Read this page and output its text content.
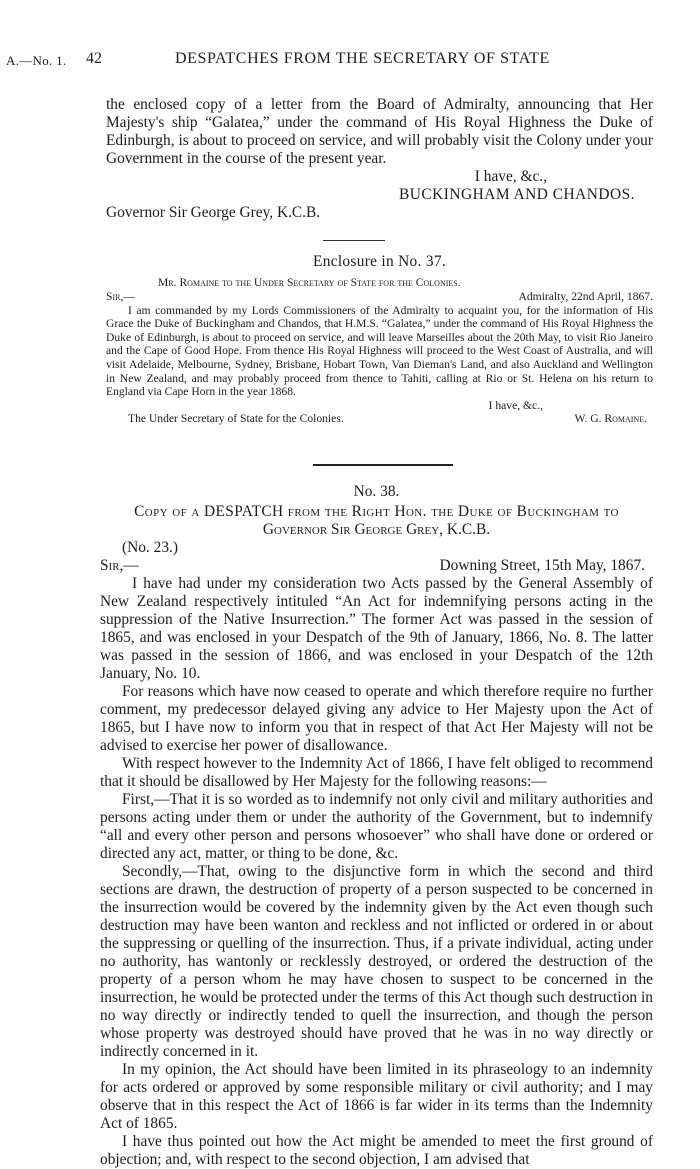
A.—No. 1. 42	DESPATCHES FROM THE SECRETARY OF STATE

the enclosed copy of a letter from the Board of Admiralty, announcing that Her Majesty's ship “Galatea,” under the command of His Royal Highness the Duke of Edinburgh, is about to proceed on service, and will probably visit the Colony under your Government in the course of the present year.

I have, &c.,

BUCKINGHAM AND CHANDOS.

Governor Sir George Grey, K.C.B.

Enclosure in No. 37.

Mr. Romaine to the Under Secretary of State for the Colonies.

Sir,—	Admiralty, 22nd April, 1867.

I am commanded by my Lords Commissioners of the Admiralty to acquaint you, for the information of His Grace the Duke of Buckingham and Chandos, that H.M.S. “Galatea,” under the command of His Royal Highness the Duke of Edinburgh, is about to proceed on service, and will leave Marseilles about the 20th May, to visit Rio Janeiro and the Cape of Good Hope. From thence His Royal Highness will proceed to the West Coast of Australia, and will visit Adelaide, Melbourne, Sydney, Brisbane, Hobart Town, Van Dieman's Land, and also Auckland and Wellington in New Zealand, and may probably proceed from thence to Tahiti, calling at Rio or St. Helena on his return to England via Cape Horn in the year 1868.

I have, &c.,

The Under Secretary of State for the Colonies.	W. G. Romaine.

No. 38.

Copy of a DESPATCH from the Right Hon. the Duke of Buckingham to

Governor Sir George Grey, K.C.B.

(No. 23.)

Sir,—	Downing Street, 15th May, 1867.

I have had under my consideration two Acts passed by the General Assembly of New Zealand respectively intituled “An Act for indemnifying persons acting in the suppression of the Native Insurrection.” The former Act was passed in the session of 1865, and was enclosed in your Despatch of the 9th of January, 1866, No. 8. The latter was passed in the session of 1866, and was enclosed in your Despatch of the 12th January, No. 10.

For reasons which have now ceased to operate and which therefore require no further comment, my predecessor delayed giving any advice to Her Majesty upon the Act of 1865, but I have now to inform you that in respect of that Act Her Majesty will not be advised to exercise her power of disallowance.

With respect however to the Indemnity Act of 1866, I have felt obliged to recommend that it should be disallowed by Her Majesty for the following reasons:—

First,—That it is so worded as to indemnify not only civil and military authorities and persons acting under them or under the authority of the Government, but to indemnify “all and every other person and persons whosoever” who shall have done or ordered or directed any act, matter, or thing to be done, &c.

Secondly,—That, owing to the disjunctive form in which the second and third sections are drawn, the destruction of property of a person suspected to be concerned in the insurrection would be covered by the indemnity given by the Act even though such destruction may have been wanton and reckless and not inflicted or ordered in or about the suppressing or quelling of the insurrection. Thus, if a private individual, acting under no authority, has wantonly or recklessly destroyed, or ordered the destruction of the property of a person whom he may have chosen to suspect to be concerned in the insurrection, he would be protected under the terms of this Act though such destruction in no way directly or indirectly tended to quell the insurrection, and though the person whose property was destroyed should have proved that he was in no way directly or indirectly concerned in it.

In my opinion, the Act should have been limited in its phraseology to an indemnity for acts ordered or approved by some responsible military or civil authority; and I may observe that in this respect the Act of 1866 is far wider in its terms than the Indemnity Act of 1865.

I have thus pointed out how the Act might be amended to meet the first ground of objection; and, with respect to the second objection, I am advised that
